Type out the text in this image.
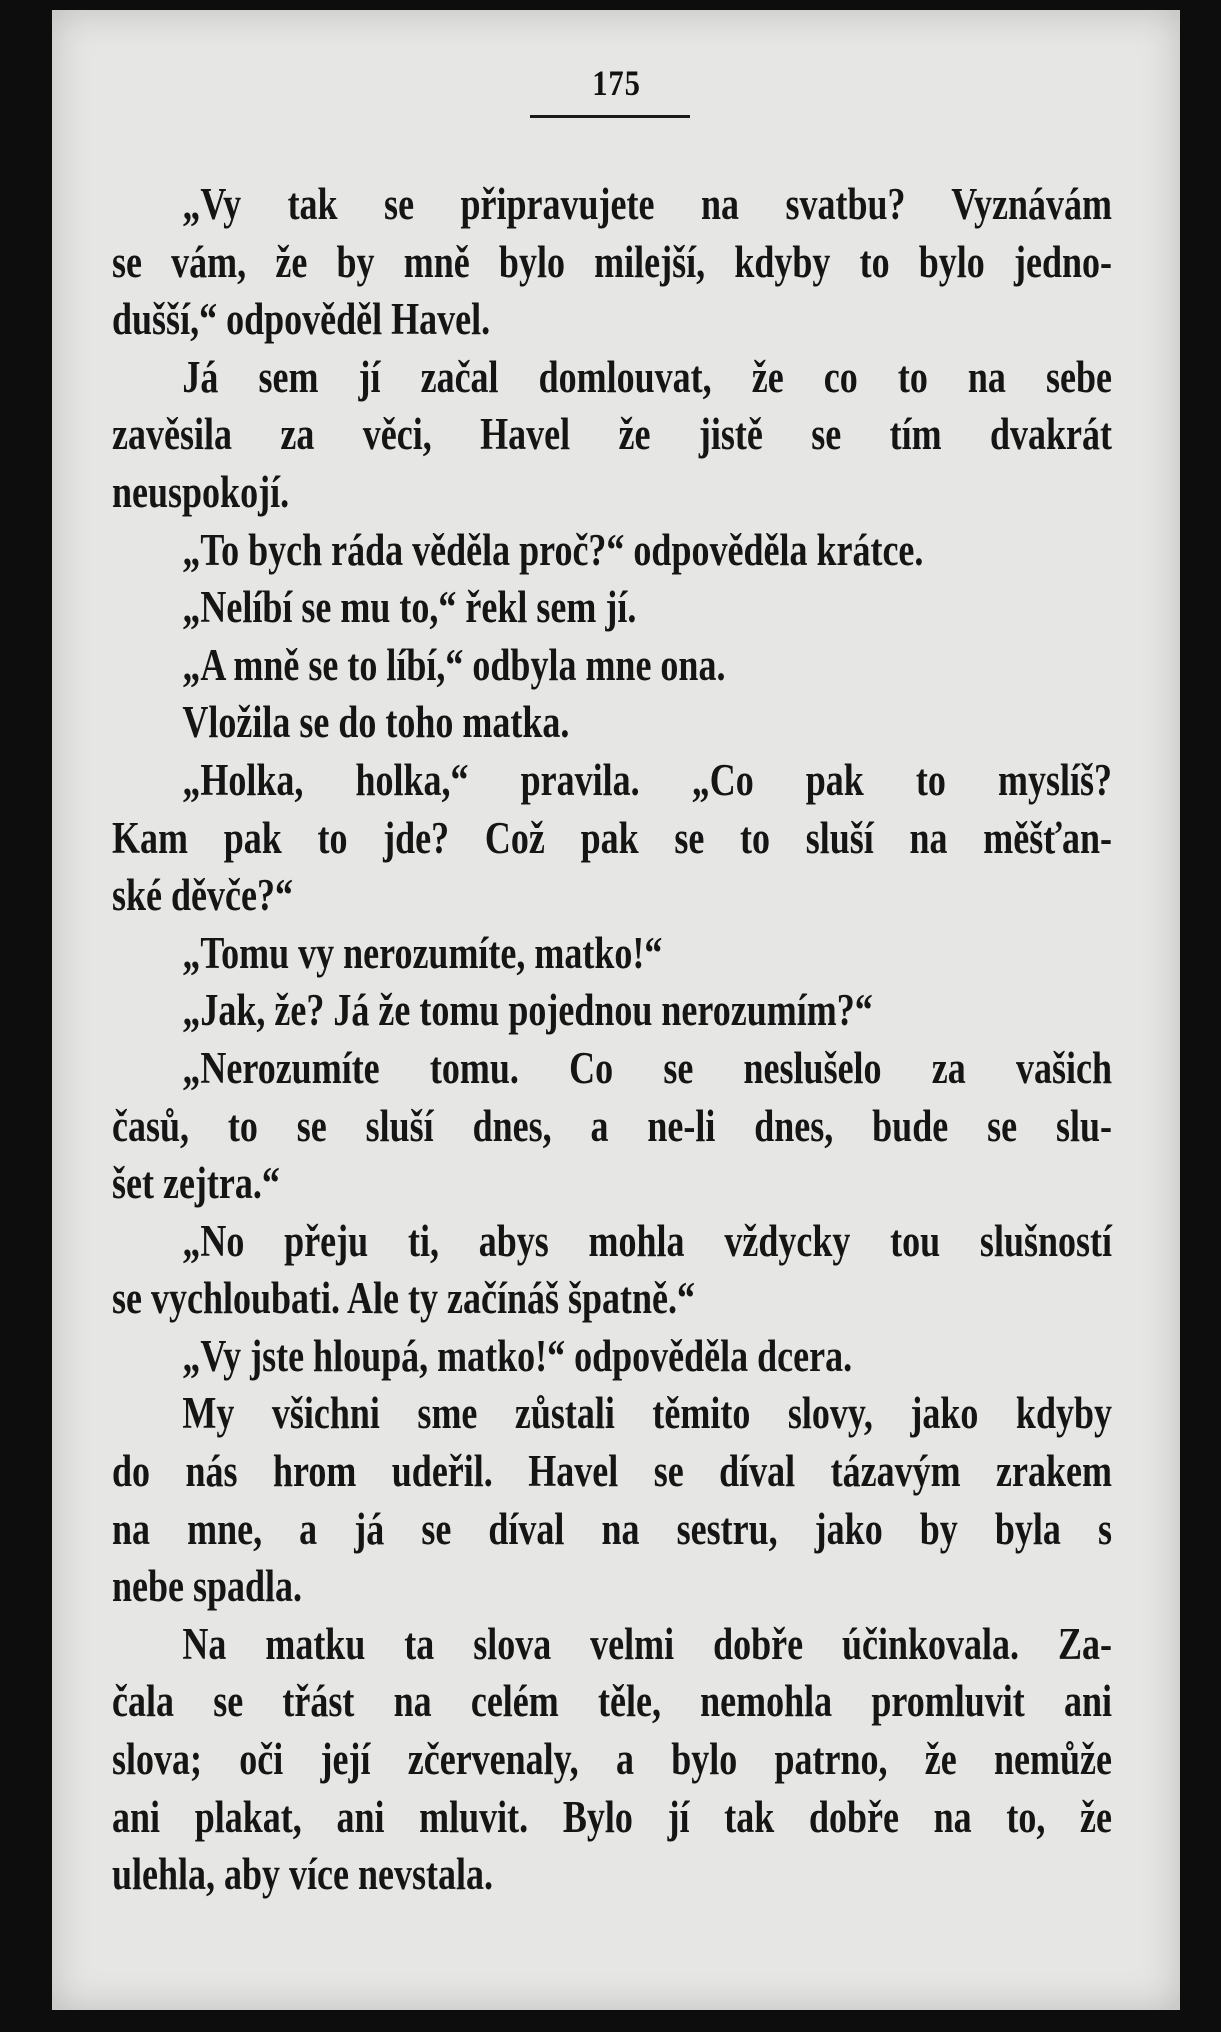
175
„Vy tak se připravujete na svatbu? Vyznávám
se vám, že by mně bylo milejší, kdyby to bylo jedno-
dušší,“ odpověděl Havel.
Já sem jí začal domlouvat, že co to na sebe
zavěsila za věci, Havel že jistě se tím dvakrát
neuspokojí.
„To bych ráda věděla proč?“ odpověděla krátce.
„Nelíbí se mu to,“ řekl sem jí.
„A mně se to líbí,“ odbyla mne ona.
Vložila se do toho matka.
„Holka, holka,“ pravila. „Co pak to myslíš?
Kam pak to jde? Což pak se to sluší na měšťan-
ské děvče?“
„Tomu vy nerozumíte, matko!“
„Jak, že? Já že tomu pojednou nerozumím?“
„Nerozumíte tomu. Co se neslušelo za vašich
časů, to se sluší dnes, a ne-li dnes, bude se slu-
šet zejtra.“
„No přeju ti, abys mohla vždycky tou slušností
se vychloubati. Ale ty začínáš špatně.“
„Vy jste hloupá, matko!“ odpověděla dcera.
My všichni sme zůstali těmito slovy, jako kdyby
do nás hrom udeřil. Havel se díval tázavým zrakem
na mne, a já se díval na sestru, jako by byla s
nebe spadla.
Na matku ta slova velmi dobře účinkovala. Za-
čala se třást na celém těle, nemohla promluvit ani
slova; oči její zčervenaly, a bylo patrno, že nemůže
ani plakat, ani mluvit. Bylo jí tak dobře na to, že
ulehla, aby více nevstala.
